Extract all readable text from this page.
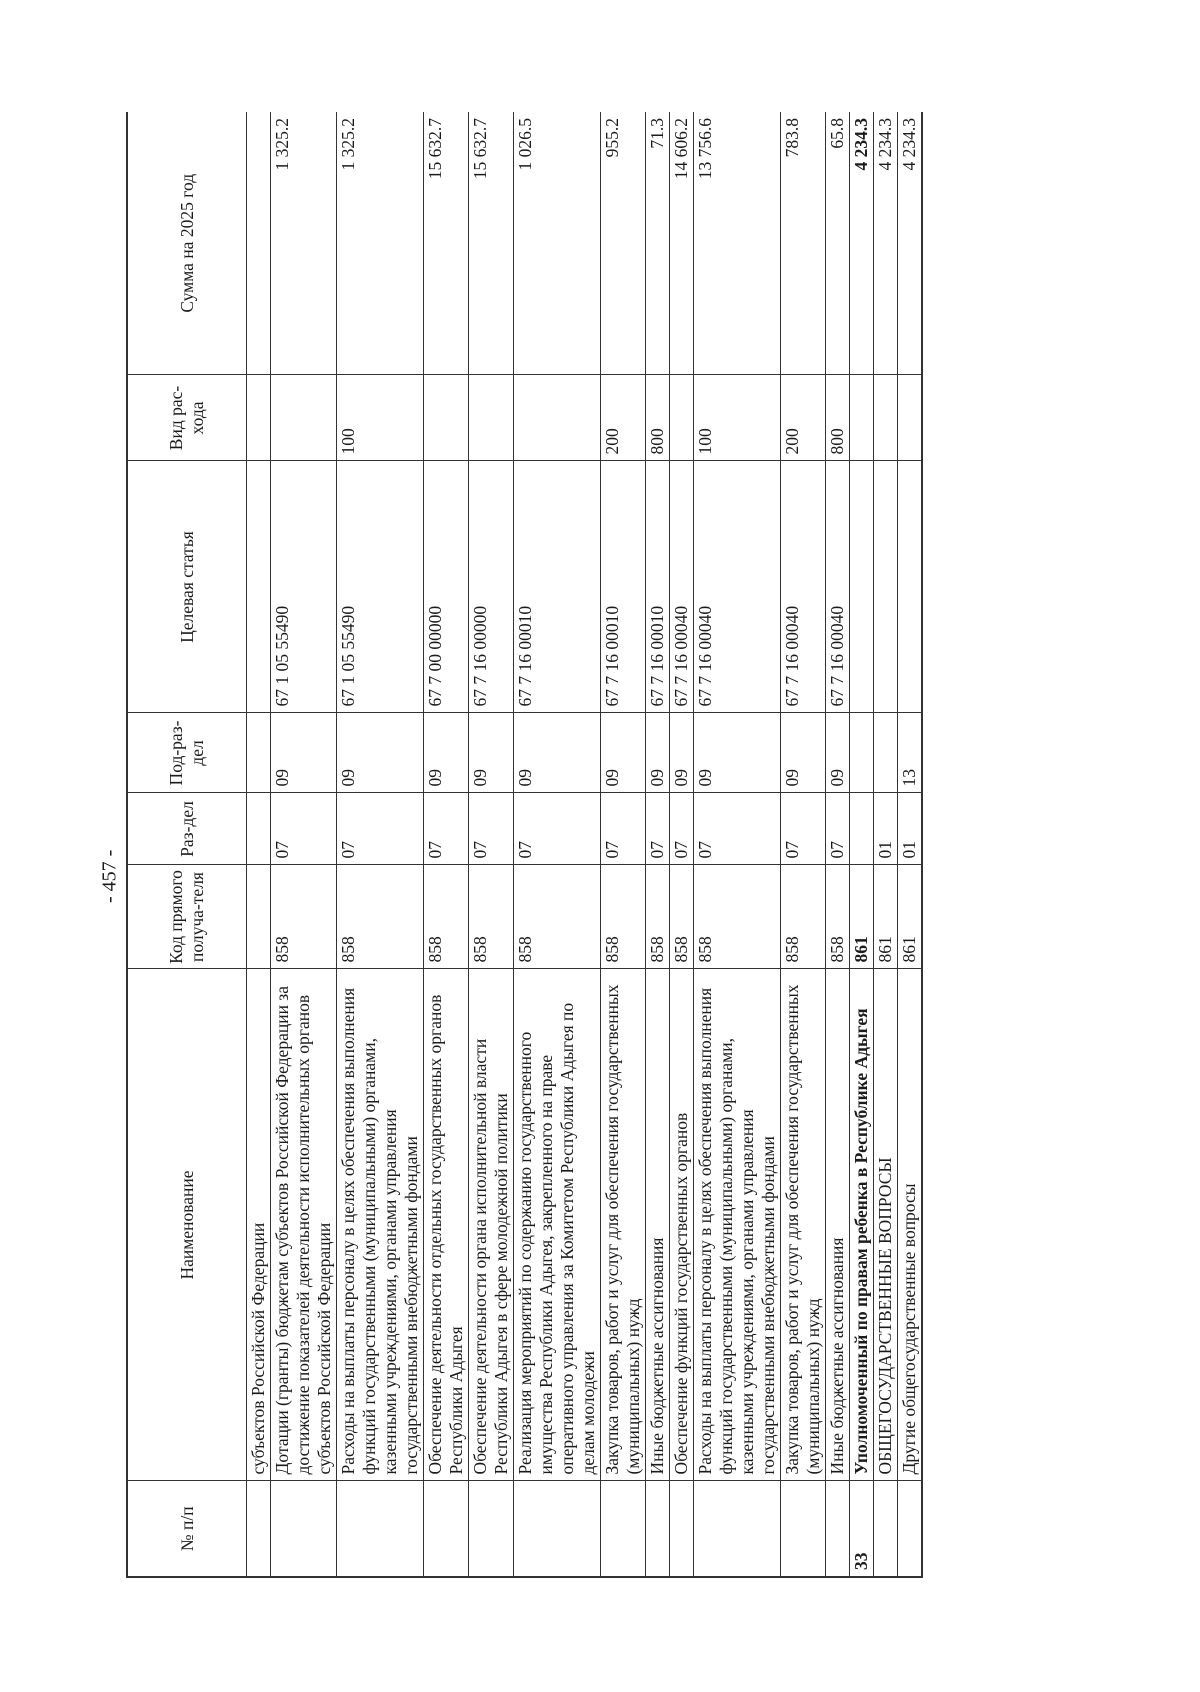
- 457 -
№ п/п	Наименование	Код прямого получа-теля	Раз-дел	Под-раз-дел	Целевая статья	Вид рас-хода	Сумма на 2025 год
	субъектов Российской Федерации						
	Дотации (гранты) бюджетам субъектов Российской Федерации за достижение показателей деятельности исполнительных органов субъектов Российской Федерации	858	07	09	67 1 05 55490		1 325.2
	Расходы на выплаты персоналу в целях обеспечения выполнения функций государственными (муниципальными) органами, казенными учреждениями, органами управления государственными внебюджетными фондами	858	07	09	67 1 05 55490	100	1 325.2
	Обеспечение деятельности отдельных государственных органов Республики Адыгея	858	07	09	67 7 00 00000		15 632.7
	Обеспечение деятельности органа исполнительной власти Республики Адыгея в сфере молодежной политики	858	07	09	67 7 16 00000		15 632.7
	Реализация мероприятий по содержанию государственного имущества Республики Адыгея, закрепленного на праве оперативного управления за Комитетом Республики Адыгея по делам молодежи	858	07	09	67 7 16 00010		1 026.5
	Закупка товаров, работ и услуг для обеспечения государственных (муниципальных) нужд	858	07	09	67 7 16 00010	200	955.2
	Иные бюджетные ассигнования	858	07	09	67 7 16 00010	800	71.3
	Обеспечение функций государственных органов	858	07	09	67 7 16 00040		14 606.2
	Расходы на выплаты персоналу в целях обеспечения выполнения функций государственными (муниципальными) органами, казенными учреждениями, органами управления государственными внебюджетными фондами	858	07	09	67 7 16 00040	100	13 756.6
	Закупка товаров, работ и услуг для обеспечения государственных (муниципальных) нужд	858	07	09	67 7 16 00040	200	783.8
	Иные бюджетные ассигнования	858	07	09	67 7 16 00040	800	65.8
33	Уполномоченный по правам ребенка в Республике Адыгея	861					4 234.3
	ОБЩЕГОСУДАРСТВЕННЫЕ ВОПРОСЫ	861	01				4 234.3
	Другие общегосударственные вопросы	861	01	13			4 234.3
